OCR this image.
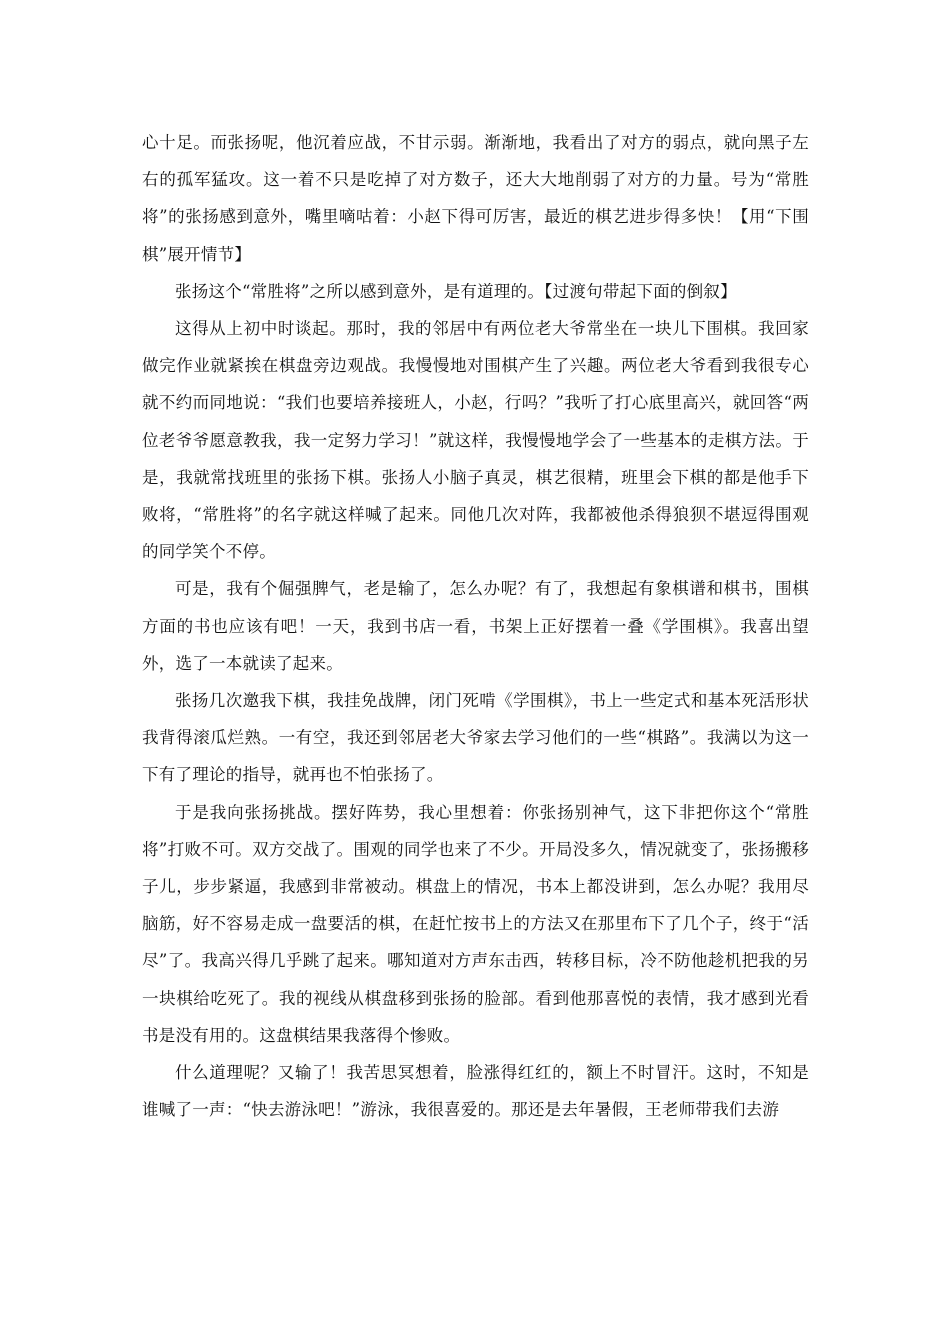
心十足。而张扬呢，他沉着应战，不甘示弱。渐渐地，我看出了对方的弱点，就向黑子左右的孤军猛攻。这一着不只是吃掉了对方数子，还大大地削弱了对方的力量。号为“常胜将”的张扬感到意外，嘴里嘀咕着：小赵下得可厉害，最近的棋艺进步得多快！【用“下围棋”展开情节】

张扬这个“常胜将”之所以感到意外，是有道理的。【过渡句带起下面的倒叙】

这得从上初中时谈起。那时，我的邻居中有两位老大爷常坐在一块儿下围棋。我回家做完作业就紧挨在棋盘旁边观战。我慢慢地对围棋产生了兴趣。两位老大爷看到我很专心就不约而同地说：“我们也要培养接班人，小赵，行吗？”我听了打心底里高兴，就回答“两位老爷爷愿意教我，我一定努力学习！”就这样，我慢慢地学会了一些基本的走棋方法。于是，我就常找班里的张扬下棋。张扬人小脑子真灵，棋艺很精，班里会下棋的都是他手下败将，“常胜将”的名字就这样喊了起来。同他几次对阵，我都被他杀得狼狈不堪逗得围观的同学笑个不停。

可是，我有个倔强脾气，老是输了，怎么办呢？有了，我想起有象棋谱和棋书，围棋方面的书也应该有吧！一天，我到书店一看，书架上正好摆着一叠《学围棋》。我喜出望外，选了一本就读了起来。

张扬几次邀我下棋，我挂免战牌，闭门死啃《学围棋》，书上一些定式和基本死活形状我背得滚瓜烂熟。一有空，我还到邻居老大爷家去学习他们的一些“棋路”。我满以为这一下有了理论的指导，就再也不怕张扬了。

于是我向张扬挑战。摆好阵势，我心里想着：你张扬别神气，这下非把你这个“常胜将”打败不可。双方交战了。围观的同学也来了不少。开局没多久，情况就变了，张扬搬移子儿，步步紧逼，我感到非常被动。棋盘上的情况，书本上都没讲到，怎么办呢？我用尽脑筋，好不容易走成一盘要活的棋，在赶忙按书上的方法又在那里布下了几个子，终于“活尽”了。我高兴得几乎跳了起来。哪知道对方声东击西，转移目标，冷不防他趁机把我的另一块棋给吃死了。我的视线从棋盘移到张扬的脸部。看到他那喜悦的表情，我才感到光看书是没有用的。这盘棋结果我落得个惨败。

什么道理呢？又输了！我苦思冥想着，脸涨得红红的，额上不时冒汗。这时，不知是谁喊了一声：“快去游泳吧！”游泳，我很喜爱的。那还是去年暑假，王老师带我们去游
